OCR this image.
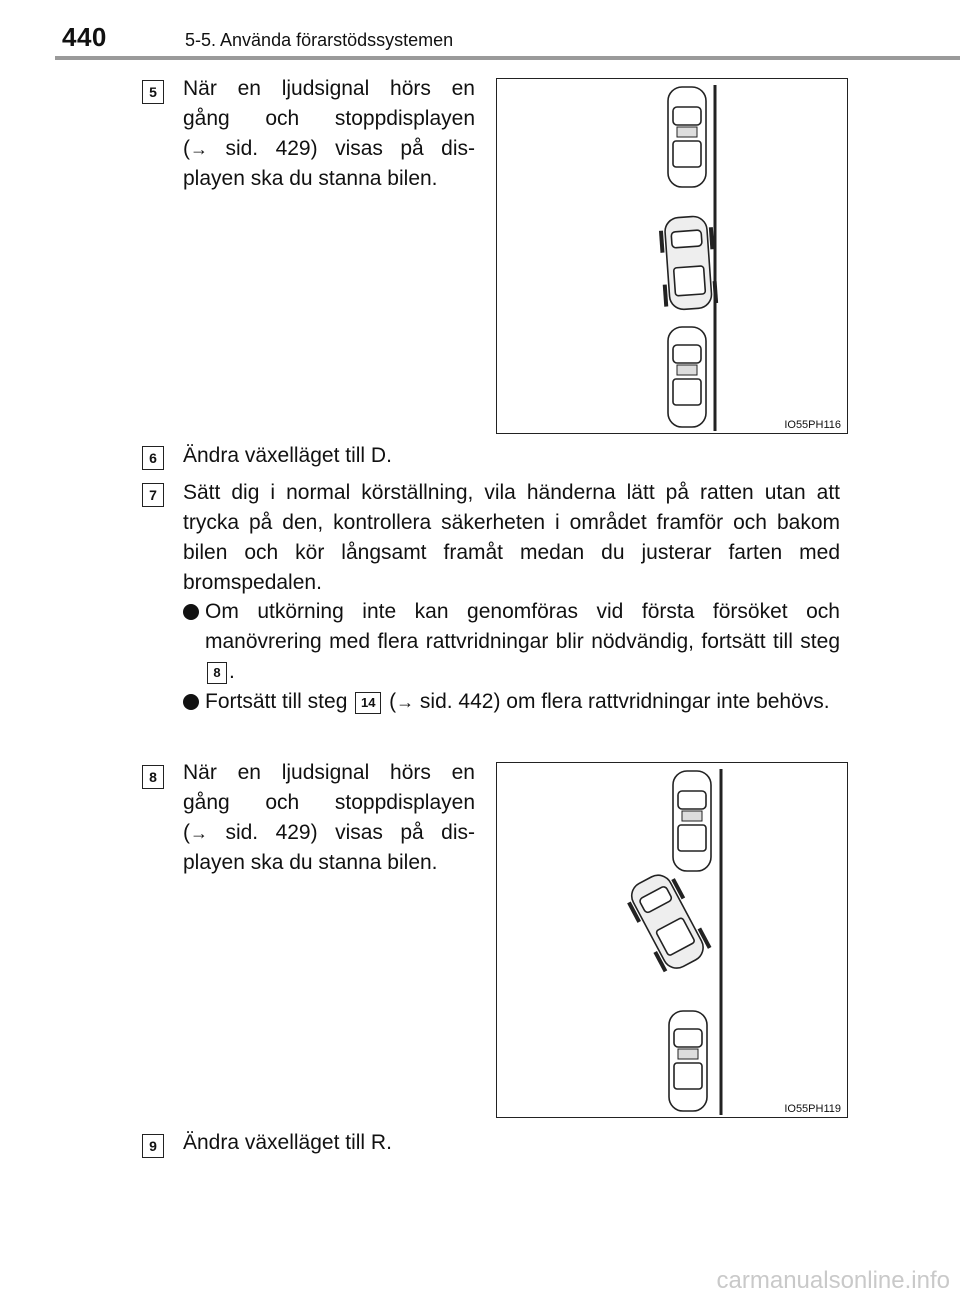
440	5-5. Använda förarstödssystemen
5	När en ljudsignal hörs en
gång och stoppdisplayen
(→ sid. 429) visas på dis-
playen ska du stanna bilen.
IO55PH116
6	Ändra växelläget till D.
7	Sätt dig i normal körställning, vila händerna lätt på ratten utan att trycka på den, kontrollera säkerheten i området framför och bakom bilen och kör långsamt framåt medan du justerar farten med bromspedalen.
Om utkörning inte kan genomföras vid första försöket och manövrering med flera rattvridningar blir nödvändig, fortsätt till steg 8 .
Fortsätt till steg 14 (→ sid. 442) om flera rattvridningar inte behövs.
8	När en ljudsignal hörs en
gång och stoppdisplayen
(→ sid. 429) visas på dis-
playen ska du stanna bilen.
IO55PH119
9	Ändra växelläget till R.
carmanualsonline.info
